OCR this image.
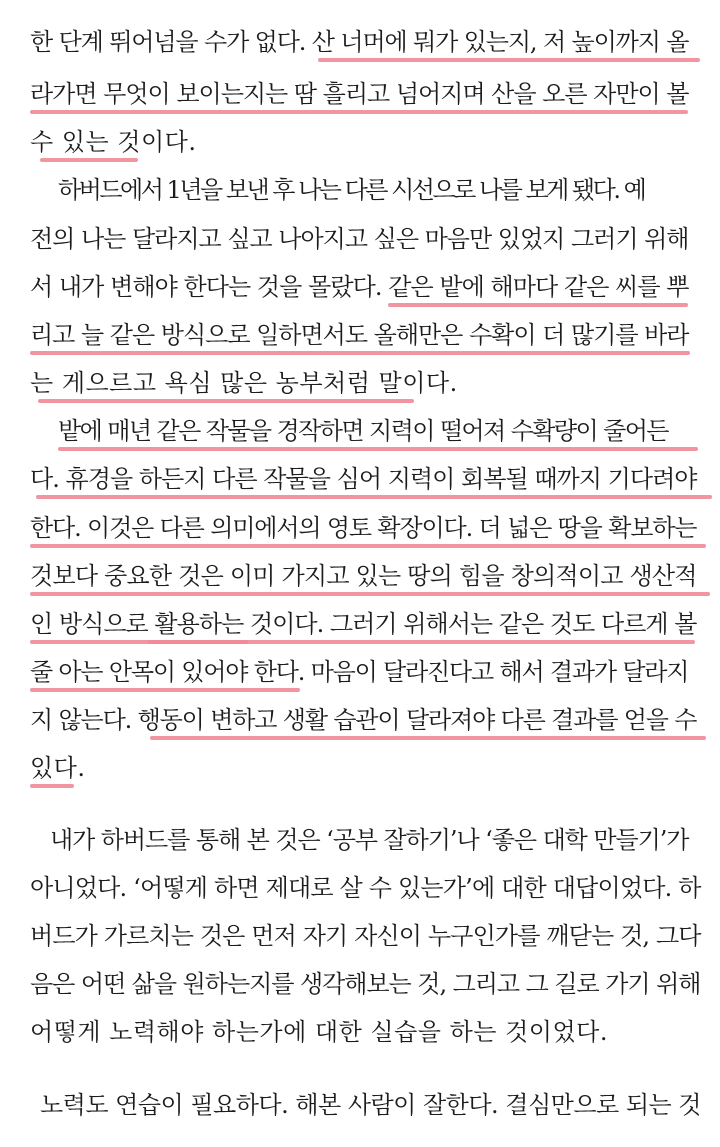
한 단계 뛰어넘을 수가 없다. 산 너머에 뭐가 있는지, 저 높이까지 올
라가면 무엇이 보이는지는 땀 흘리고 넘어지며 산을 오른 자만이 볼
수 있는 것이다.
하버드에서 1년을 보낸 후 나는 다른 시선으로 나를 보게 됐다. 예
전의 나는 달라지고 싶고 나아지고 싶은 마음만 있었지 그러기 위해
서 내가 변해야 한다는 것을 몰랐다. 같은 밭에 해마다 같은 씨를 뿌
리고 늘 같은 방식으로 일하면서도 올해만은 수확이 더 많기를 바라
는 게으르고 욕심 많은 농부처럼 말이다.
밭에 매년 같은 작물을 경작하면 지력이 떨어져 수확량이 줄어든
다. 휴경을 하든지 다른 작물을 심어 지력이 회복될 때까지 기다려야
한다. 이것은 다른 의미에서의 영토 확장이다. 더 넓은 땅을 확보하는
것보다 중요한 것은 이미 가지고 있는 땅의 힘을 창의적이고 생산적
인 방식으로 활용하는 것이다. 그러기 위해서는 같은 것도 다르게 볼
줄 아는 안목이 있어야 한다. 마음이 달라진다고 해서 결과가 달라지
지 않는다. 행동이 변하고 생활 습관이 달라져야 다른 결과를 얻을 수
있다.
내가 하버드를 통해 본 것은 ‘공부 잘하기’나 ‘좋은 대학 만들기’가
아니었다. ‘어떻게 하면 제대로 살 수 있는가’에 대한 대답이었다. 하
버드가 가르치는 것은 먼저 자기 자신이 누구인가를 깨닫는 것, 그다
음은 어떤 삶을 원하는지를 생각해보는 것, 그리고 그 길로 가기 위해
어떻게 노력해야 하는가에 대한 실습을 하는 것이었다.
노력도 연습이 필요하다. 해본 사람이 잘한다. 결심만으로 되는 것
